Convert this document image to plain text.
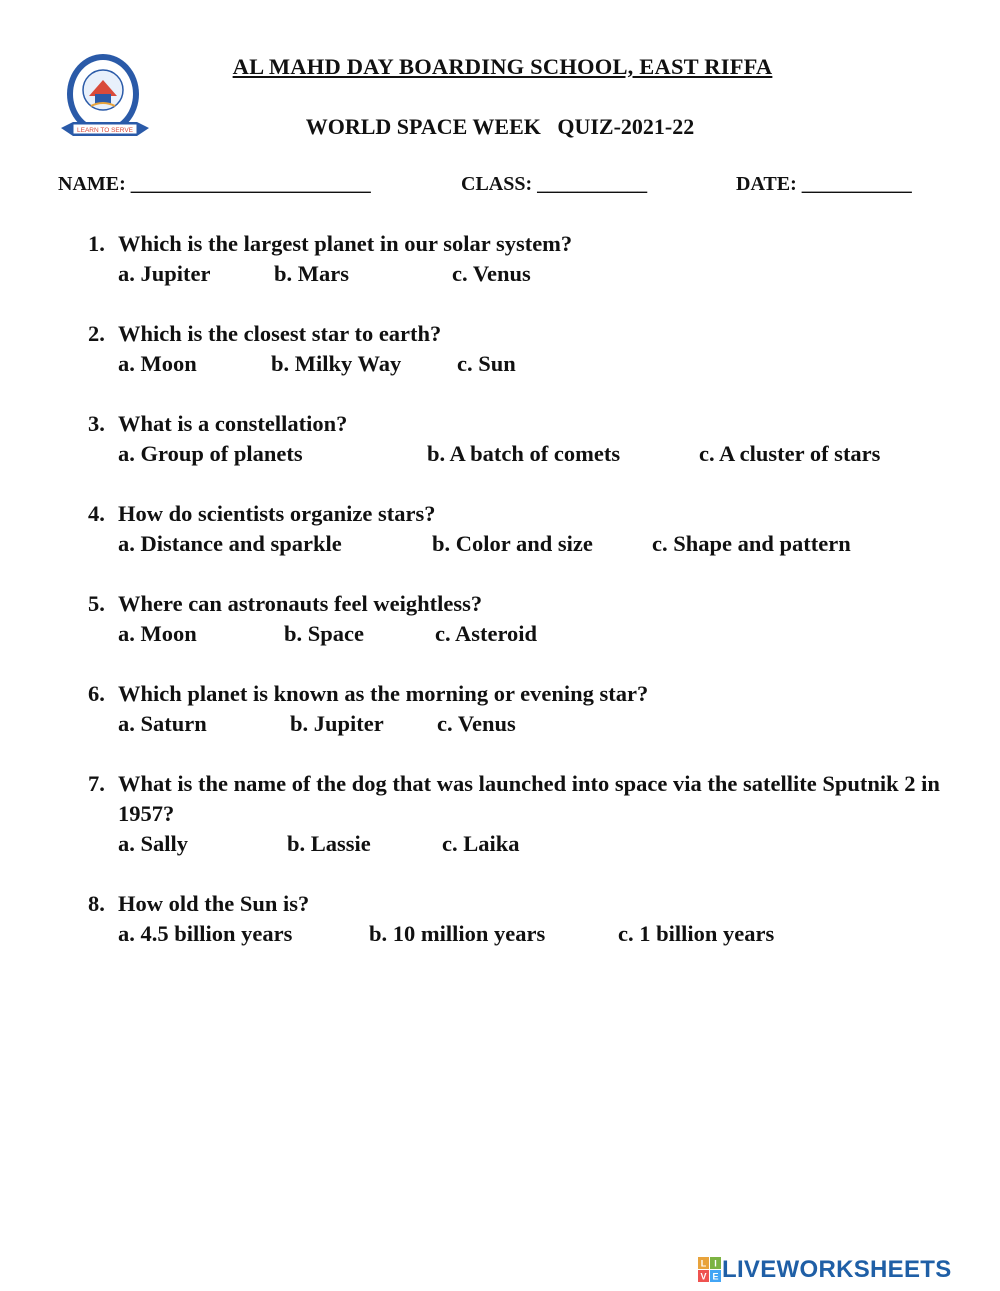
LEARN TO SERVE
AL MAHD DAY BOARDING SCHOOL, EAST RIFFA
WORLD SPACE WEEK   QUIZ-2021-22
NAME: ________________________	CLASS: ___________	DATE: ___________
1. Which is the largest planet in our solar system?
a. Jupiter	b. Mars	c. Venus
2. Which is the closest star to earth?
a. Moon	b. Milky Way c. Sun
3. What is a constellation?
a. Group of planets	b. A batch of comets	c. A cluster of stars
4. How do scientists organize stars?
a. Distance and sparkle	b. Color and size	c. Shape and pattern
5. Where can astronauts feel weightless?
a. Moon	b. Space	c. Asteroid
6. Which planet is known as the morning or evening star?
a. Saturn	b. Jupiter c. Venus
7. What is the name of the dog that was launched into space via the satellite Sputnik 2 in 1957?
a. Sally	b. Lassie	c. Laika
8. How old the Sun is?
a. 4.5 billion years	b. 10 million years	c. 1 billion years
L I
V E LIVEWORKSHEETS
